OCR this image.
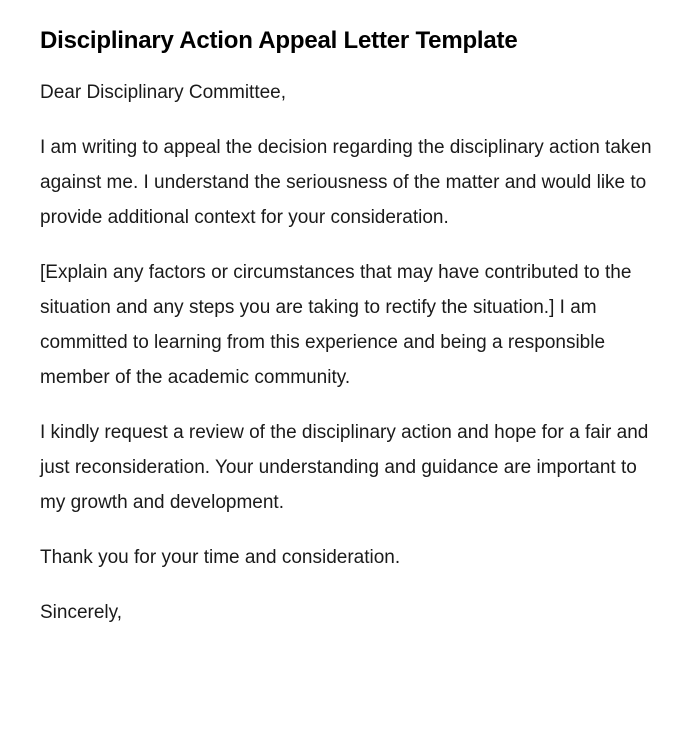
Disciplinary Action Appeal Letter Template

Dear Disciplinary Committee,

I am writing to appeal the decision regarding the disciplinary action taken against me. I understand the seriousness of the matter and would like to provide additional context for your consideration.

[Explain any factors or circumstances that may have contributed to the situation and any steps you are taking to rectify the situation.] I am committed to learning from this experience and being a responsible member of the academic community.

I kindly request a review of the disciplinary action and hope for a fair and just reconsideration. Your understanding and guidance are important to my growth and development.

Thank you for your time and consideration.

Sincerely,
